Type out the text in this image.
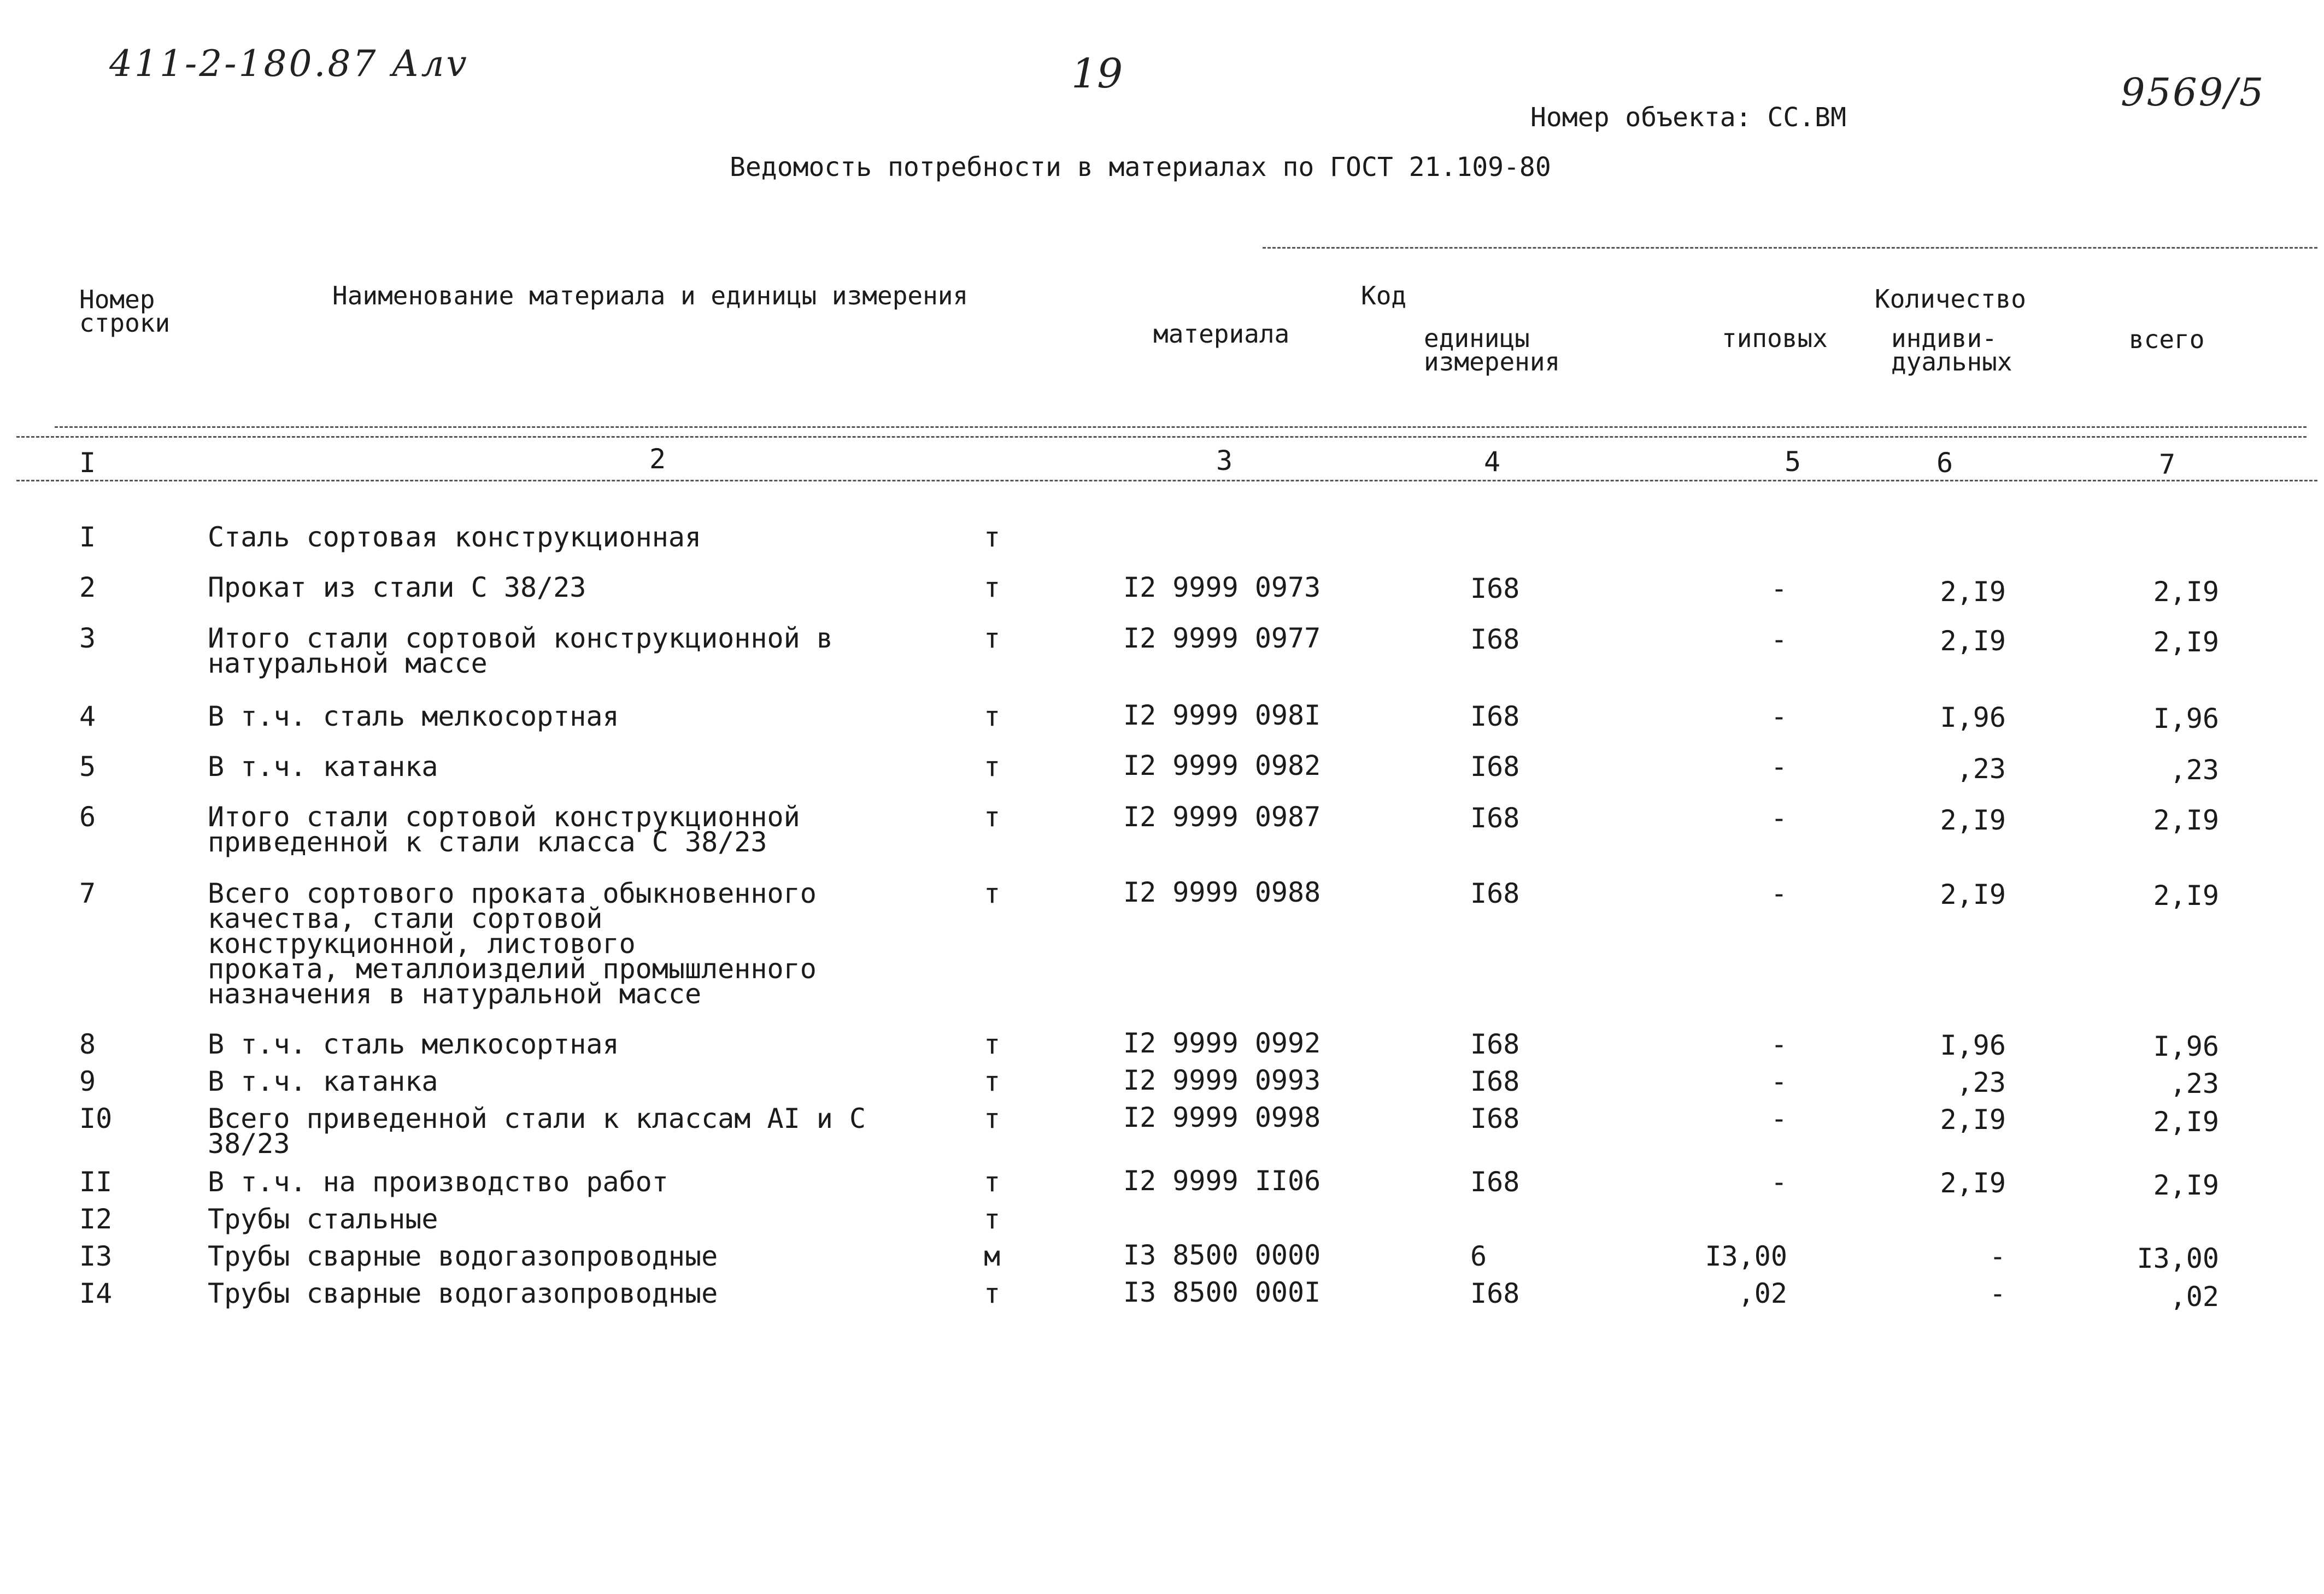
411-2-180.87 Алv	19	9569/5
Номер объекта: СС.ВМ
Ведомость потребности в материалах по ГОСТ 21.109-80
Номер
строки
Наименование материала и единицы измерения	Код
материала	единицы
измерения
Количество
типовых	индиви-
дуальных
всего
I	2	3	4	5	6	7
I	Сталь сортовая конструкционная	т
2	Прокат из стали С 38/23	т	I2 9999 0973	I68	-	2,I9	2,I9
3	Итого стали сортовой конструкционной в
натуральной массе
т	I2 9999 0977	I68	-	2,I9	2,I9
4	В т.ч. сталь мелкосортная	т	I2 9999 098I	I68	-	I,96	I,96
5	В т.ч. катанка	т	I2 9999 0982	I68	-	,23	,23
6	Итого стали сортовой конструкционной
приведенной к стали класса С 38/23
т	I2 9999 0987	I68	-	2,I9	2,I9
7	Всего сортового проката обыкновенного
качества, стали сортовой
конструкционной, листового
проката, металлоизделий промышленного
назначения в натуральной массе
т	I2 9999 0988	I68	-	2,I9	2,I9
8	В т.ч. сталь мелкосортная	т	I2 9999 0992	I68	-	I,96	I,96
9	В т.ч. катанка	т	I2 9999 0993	I68	-	,23	,23
I0	Всего приведенной стали к классам АI и С
38/23
т	I2 9999 0998	I68	-	2,I9	2,I9
II	В т.ч. на производство работ	т	I2 9999 II06	I68	-	2,I9	2,I9
I2	Трубы стальные	т
I3	Трубы сварные водогазопроводные	м	I3 8500 0000	6	I3,00	-	I3,00
I4	Трубы сварные водогазопроводные	т	I3 8500 000I	I68	,02	-	,02
